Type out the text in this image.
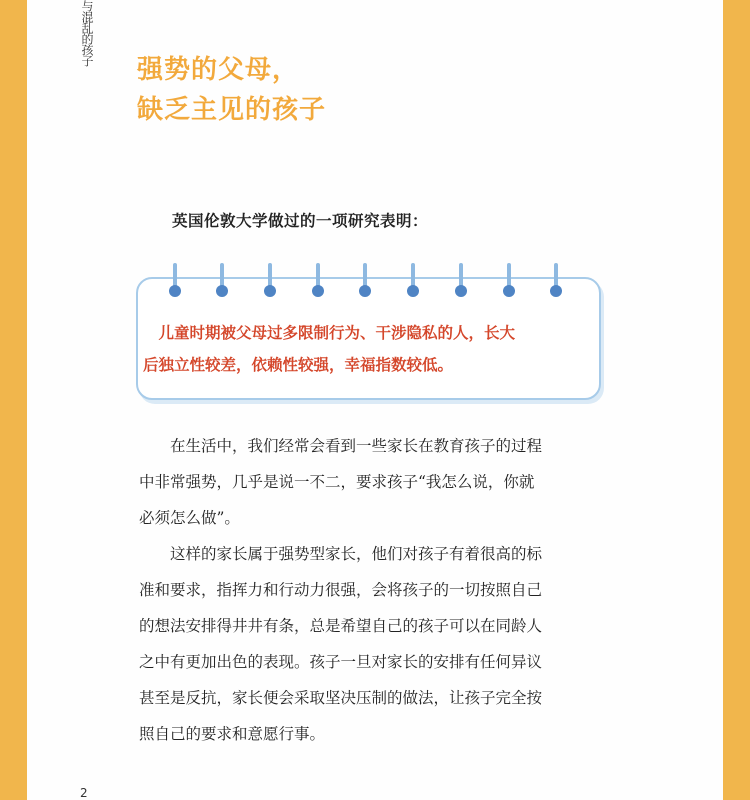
与混乱的孩子
强势的父母，
缺乏主见的孩子
英国伦敦大学做过的一项研究表明：
　儿童时期被父母过多限制行为、干涉隐私的人，长大
后独立性较差，依赖性较强，幸福指数较低。
　　在生活中，我们经常会看到一些家长在教育孩子的过程
中非常强势，几乎是说一不二，要求孩子“我怎么说，你就
必须怎么做”。
　　这样的家长属于强势型家长，他们对孩子有着很高的标
准和要求，指挥力和行动力很强，会将孩子的一切按照自己
的想法安排得井井有条，总是希望自己的孩子可以在同龄人
之中有更加出色的表现。孩子一旦对家长的安排有任何异议
甚至是反抗，家长便会采取坚决压制的做法，让孩子完全按
照自己的要求和意愿行事。
2
